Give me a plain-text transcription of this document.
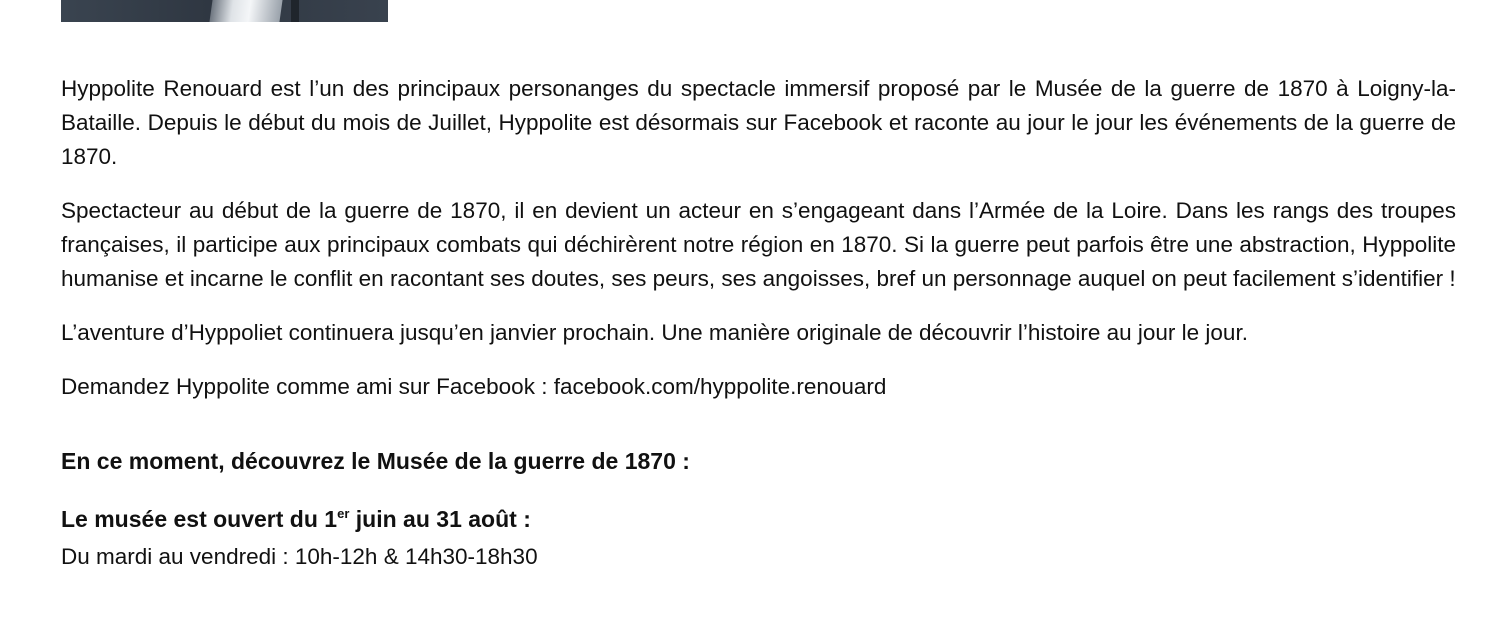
Hyppolite Renouard est l’un des principaux personanges du spectacle immersif proposé par le Musée de la guerre de 1870 à Loigny-la-Bataille. Depuis le début du mois de Juillet, Hyppolite est désormais sur Facebook et raconte au jour le jour les événements de la guerre de 1870.

Spectacteur au début de la guerre de 1870, il en devient un acteur en s’engageant dans l’Armée de la Loire. Dans les rangs des troupes françaises, il participe aux principaux combats qui déchirèrent notre région en 1870. Si la guerre peut parfois être une abstraction, Hyppolite humanise et incarne le conflit en racontant ses doutes, ses peurs, ses angoisses, bref un personnage auquel on peut facilement s’identifier !

L’aventure d’Hyppoliet continuera jusqu’en janvier prochain. Une manière originale de découvrir l’histoire au jour le jour.

Demandez Hyppolite comme ami sur Facebook : facebook.com/hyppolite.renouard

En ce moment, découvrez le Musée de la guerre de 1870 :

Le musée est ouvert du 1er juin au 31 août :

Du mardi au vendredi : 10h-12h & 14h30-18h30
